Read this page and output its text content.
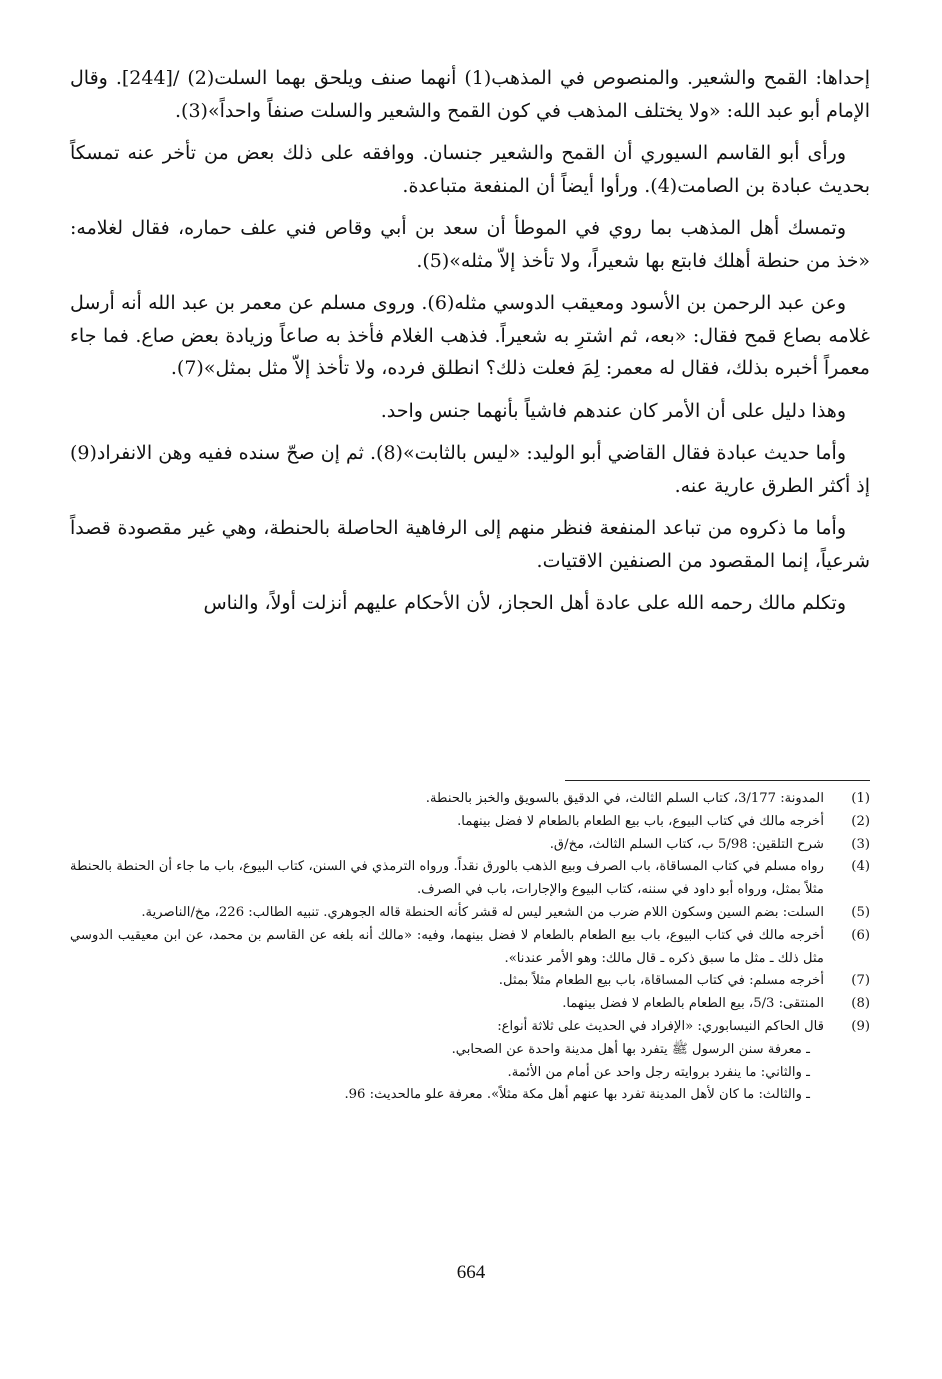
إحداها: القمح والشعير. والمنصوص في المذهب(1) أنهما صنف ويلحق بهما السلت(2) /[244]. وقال الإمام أبو عبد الله: «ولا يختلف المذهب في كون القمح والشعير والسلت صنفاً واحداً»(3).

ورأى أبو القاسم السيوري أن القمح والشعير جنسان. ووافقه على ذلك بعض من تأخر عنه تمسكاً بحديث عبادة بن الصامت(4). ورأوا أيضاً أن المنفعة متباعدة.

وتمسك أهل المذهب بما روي في الموطأ أن سعد بن أبي وقاص فني علف حماره، فقال لغلامه: «خذ من حنطة أهلك فابتع بها شعيراً، ولا تأخذ إلاّ مثله»(5).

وعن عبد الرحمن بن الأسود ومعيقب الدوسي مثله(6). وروى مسلم عن معمر بن عبد الله أنه أرسل غلامه بصاع قمح فقال: «بعه، ثم اشترِ به شعيراً. فذهب الغلام فأخذ به صاعاً وزيادة بعض صاع. فما جاء معمراً أخبره بذلك، فقال له معمر: لِمَ فعلت ذلك؟ انطلق فرده، ولا تأخذ إلاّ مثل بمثل»(7).

وهذا دليل على أن الأمر كان عندهم فاشياً بأنهما جنس واحد.

وأما حديث عبادة فقال القاضي أبو الوليد: «ليس بالثابت»(8). ثم إن صحّ سنده ففيه وهن الانفراد(9) إذ أكثر الطرق عارية عنه.

وأما ما ذكروه من تباعد المنفعة فنظر منهم إلى الرفاهية الحاصلة بالحنطة، وهي غير مقصودة قصداً شرعياً، إنما المقصود من الصنفين الاقتيات.

وتكلم مالك رحمه الله على عادة أهل الحجاز، لأن الأحكام عليهم أنزلت أولاً، والناس

(1)
المدونة: 3/177، كتاب السلم الثالث، في الدقيق بالسويق والخبز بالحنطة.
(2)
أخرجه مالك في كتاب البيوع، باب بيع الطعام بالطعام لا فضل بينهما.
(3)
شرح التلقين: 5/98 ب، كتاب السلم الثالث، مخ/ق.
(4)
رواه مسلم في كتاب المساقاة، باب الصرف وبيع الذهب بالورق نقداً. ورواه الترمذي في السنن، كتاب البيوع، باب ما جاء أن الحنطة بالحنطة مثلاً بمثل، ورواه أبو داود في سننه، كتاب البيوع والإجارات، باب في الصرف.
(5)
السلت: بضم السين وسكون اللام ضرب من الشعير ليس له قشر كأنه الحنطة قاله الجوهري. تنبيه الطالب: 226، مخ/الناصرية.
(6)
أخرجه مالك في كتاب البيوع، باب بيع الطعام بالطعام لا فضل بينهما، وفيه: «مالك أنه بلغه عن القاسم بن محمد، عن ابن معيقيب الدوسي مثل ذلك ـ مثل ما سبق ذكره ـ قال مالك: وهو الأمر عندنا».
(7)
أخرجه مسلم: في كتاب المساقاة، باب بيع الطعام مثلاً بمثل.
(8)
المنتقى: 5/3، بيع الطعام بالطعام لا فضل بينهما.
(9)
قال الحاكم النيسابوري: «الإفراد في الحديث على ثلاثة أنواع:
ـ معرفة سنن الرسول ﷺ يتفرد بها أهل مدينة واحدة عن الصحابي.
ـ والثاني: ما ينفرد بروايته رجل واحد عن أمام من الأئمة.
ـ والثالث: ما كان لأهل المدينة تفرد بها عنهم أهل مكة مثلاً». معرفة علو مالحديث: 96.
664
